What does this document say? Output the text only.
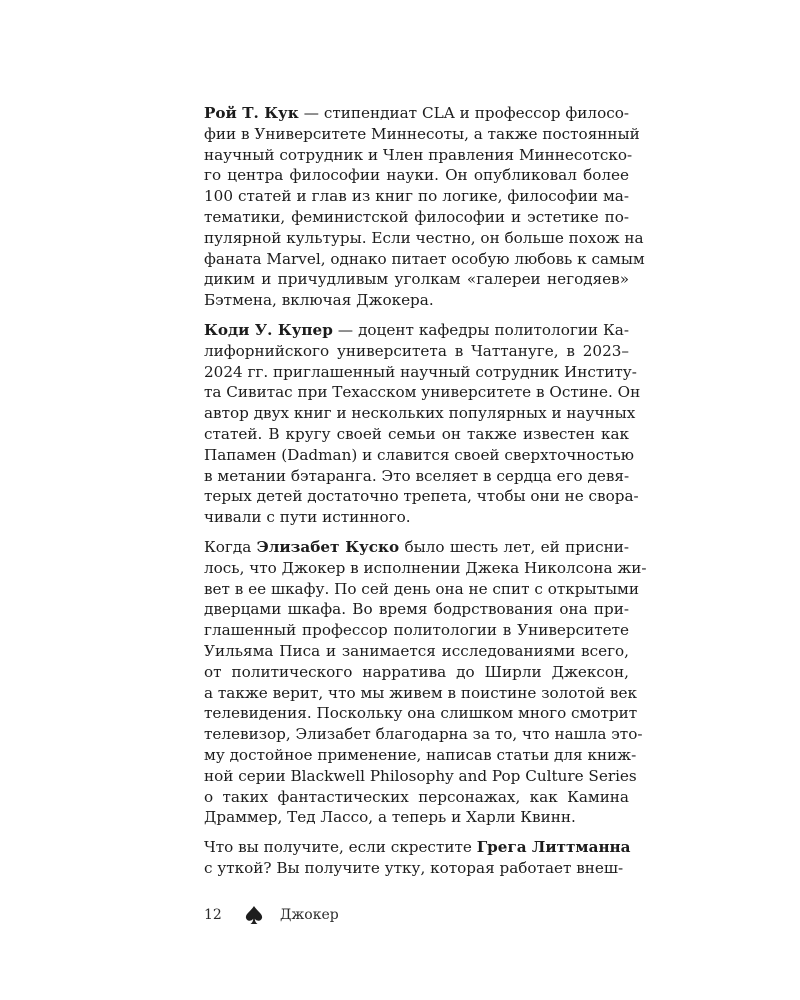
Рой Т. Кук — стипендиат CLA и профессор филосо-
фии в Университете Миннесоты, а также постоянный
научный сотрудник и Член правления Миннесотско-
го центра философии науки. Он опубликовал более
100 статей и глав из книг по логике, философии ма-
тематики, феминистской философии и эстетике по-
пулярной культуры. Если честно, он больше похож на
фаната Marvel, однако питает особую любовь к самым
диким и причудливым уголкам «галереи негодяев»
Бэтмена, включая Джокера.
Коди У. Купер — доцент кафедры политологии Ка-
лифорнийского университета в Чаттануге, в 2023–
2024 гг. приглашенный научный сотрудник Институ-
та Сивитас при Техасском университете в Остине. Он
автор двух книг и нескольких популярных и научных
статей. В кругу своей семьи он также известен как
Папамен (Dadman) и славится своей сверхточностью
в метании бэтаранга. Это вселяет в сердца его девя-
терых детей достаточно трепета, чтобы они не свора-
чивали с пути истинного.
Когда Элизабет Куско было шесть лет, ей присни-
лось, что Джокер в исполнении Джека Николсона жи-
вет в ее шкафу. По сей день она не спит с открытыми
дверцами шкафа. Во время бодрствования она при-
глашенный профессор политологии в Университете
Уильяма Писа и занимается исследованиями всего,
от политического нарратива до Ширли Джексон,
а также верит, что мы живем в поистине золотой век
телевидения. Поскольку она слишком много смотрит
телевизор, Элизабет благодарна за то, что нашла это-
му достойное применение, написав статьи для книж-
ной серии Blackwell Philosophy and Pop Culture Series
о таких фантастических персонажах, как Камина
Драммер, Тед Лассо, а теперь и Харли Квинн.
Что вы получите, если скрестите Грега Литтманна
с уткой? Вы получите утку, которая работает внеш-
12	Джокер
